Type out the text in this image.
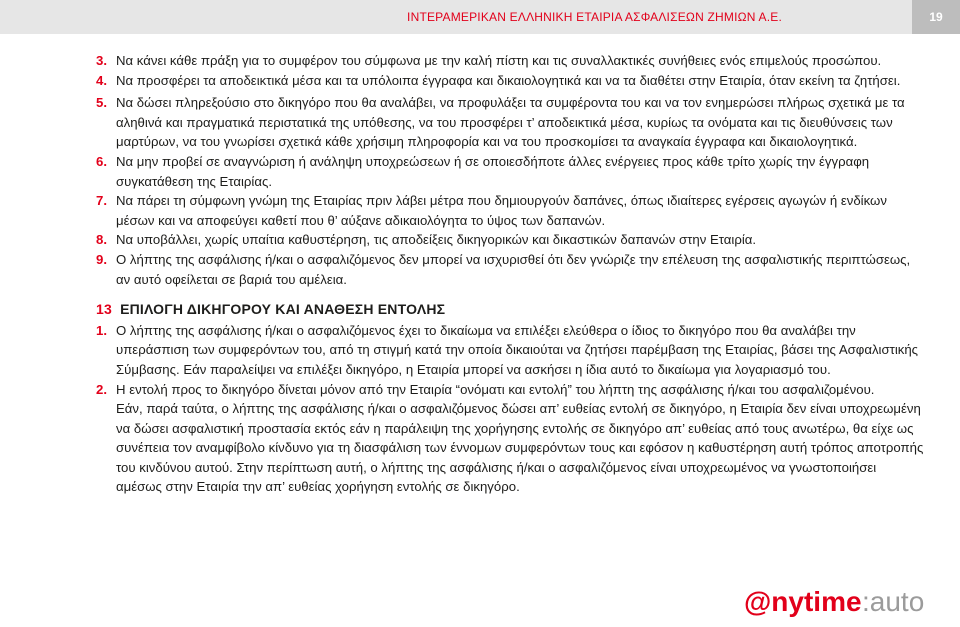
ΙΝΤΕΡΑΜΕΡΙΚΑΝ ΕΛΛΗΝΙΚΗ ΕΤΑΙΡΙΑ ΑΣΦΑΛΙΣΕΩΝ ΖΗΜΙΩΝ Α.Ε.	19
3. Να κάνει κάθε πράξη για το συμφέρον του σύμφωνα με την καλή πίστη και τις συναλλακτικές συνήθειες ενός επιμελούς προσώπου.
4. Να προσφέρει τα αποδεικτικά μέσα και τα υπόλοιπα έγγραφα και δικαιολογητικά και να τα διαθέτει στην Εταιρία, όταν εκείνη τα ζητήσει.
5. Να δώσει πληρεξούσιο στο δικηγόρο που θα αναλάβει, να προφυλάξει τα συμφέροντα του και να τον ενημερώσει πλήρως σχετικά με τα αληθινά και πραγματικά περιστατικά της υπόθεσης, να του προσφέρει τ’ αποδεικτικά μέσα, κυρίως τα ονόματα και τις διευθύνσεις των μαρτύρων, να του γνωρίσει σχετικά κάθε χρήσιμη πληροφορία και να του προσκομίσει τα αναγκαία έγγραφα και δικαιολογητικά.
6. Να μην προβεί σε αναγνώριση ή ανάληψη υποχρεώσεων ή σε οποιεσδήποτε άλλες ενέργειες προς κάθε τρίτο χωρίς την έγγραφη συγκατάθεση της Εταιρίας.
7. Να πάρει τη σύμφωνη γνώμη της Εταιρίας πριν λάβει μέτρα που δημιουργούν δαπάνες, όπως ιδιαίτερες εγέρσεις αγωγών ή ενδίκων μέσων και να αποφεύγει καθετί που θ’ αύξανε αδικαιολόγητα το ύψος των δαπανών.
8. Να υποβάλλει, χωρίς υπαίτια καθυστέρηση, τις αποδείξεις δικηγορικών και δικαστικών δαπανών στην Εταιρία.
9. Ο λήπτης της ασφάλισης ή/και ο ασφαλιζόμενος δεν μπορεί να ισχυρισθεί ότι δεν γνώριζε την επέλευση της ασφαλιστικής περιπτώσεως, αν αυτό οφείλεται σε βαριά του αμέλεια.
13 ΕΠΙΛΟΓΗ ΔΙΚΗΓΟΡΟΥ ΚΑΙ ΑΝΑΘΕΣΗ ΕΝΤΟΛΗΣ
1. Ο λήπτης της ασφάλισης ή/και ο ασφαλιζόμενος έχει το δικαίωμα να επιλέξει ελεύθερα ο ίδιος το δικηγόρο που θα αναλάβει την υπεράσπιση των συμφερόντων του, από τη στιγμή κατά την οποία δικαιούται να ζητήσει παρέμβαση της Εταιρίας, βάσει της Ασφαλιστικής Σύμβασης. Εάν παραλείψει να επιλέξει δικηγόρο, η Εταιρία μπορεί να ασκήσει η ίδια αυτό το δικαίωμα για λογαριασμό του.
2. Η εντολή προς το δικηγόρο δίνεται μόνον από την Εταιρία “ονόματι και εντολή” του λήπτη της ασφάλισης ή/και του ασφαλιζομένου.
Εάν, παρά ταύτα, ο λήπτης της ασφάλισης ή/και ο ασφαλιζόμενος δώσει απ’ ευθείας εντολή σε δικηγόρο, η Εταιρία δεν είναι υποχρεωμένη να δώσει ασφαλιστική προστασία εκτός εάν η παράλειψη της χορήγησης εντολής σε δικηγόρο απ’ ευθείας από τους ανωτέρω, θα είχε ως συνέπεια τον αναμφίβολο κίνδυνο για τη διασφάλιση των έννομων συμφερόντων τους και εφόσον η καθυστέρηση αυτή τρόπος αποτροπής του κινδύνου αυτού. Στην περίπτωση αυτή, ο λήπτης της ασφάλισης ή/και ο ασφαλιζόμενος είναι υποχρεωμένος να γνωστοποιήσει αμέσως στην Εταιρία την απ’ ευθείας χορήγηση εντολής σε δικηγόρο.
@nytime :auto
